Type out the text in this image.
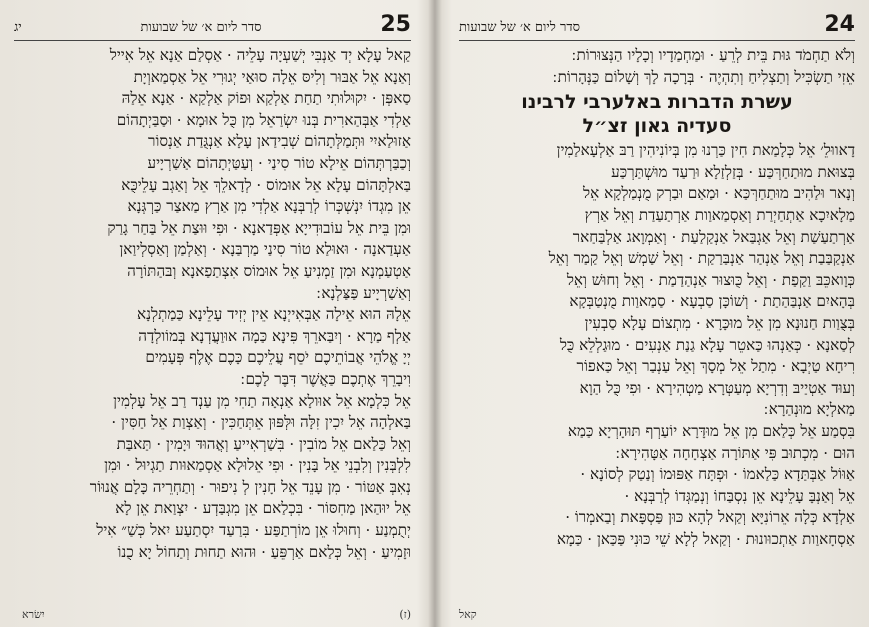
25
סדר ליום א׳ של שבועות
יג

קַאל עָלָא יְד אַנְבִּי יְשַׁעְיָה עָלֵיה · אַסְלַם אַנָא אֵל אִייל

וְאַנָא אֵל אַבּוּר וְלִיסּ אֵלָה סוּאַי יְגוּרִי אֵל אַסְמַאוְיָת

סַאפְּן · יִקוּלוּתִי תַחַת אַלְקַא וּפוֹק אַלְקַא · אַנָא אֵלַהּ

אַלְדִי אַבְּהַארִית בְּנוּ יִשְׂרַאֵל מִן כֻּל אוּמָא · וּסַבַּיְתָהוֹם

אַזוּלַאיִי וּתְּמַלְּתָהוֹם שְׁבִידַאן עָלָא אַנְגֻּדַת אַנְסוֹר

וְכַבַּרְתְּהוֹם אֵילָא טוֹר סִינַי · וְעַטַּיְתָהוֹם אַשַׁרְיָיע

בַּאלְתָּהוֹם עָלָא אֵל אוּמוֹס · לְדָאלֵךְ אֵל וְאַגְב עָלֵיכֻּא

אֵן מִגְדוֹ יִנְשְׁכְּרוֹ לְרַבְּנָא אַלְדִי מִן אַרְץ מַאצַר כַּרְגְּנָא

וּמִן בֵּית אֵל עוֹבוּדִייָא אַפְּדַאנָא · וּפִי וּוּצַת אֵל בַּחַר גָרַק

אַעְדַאנָה · וּאוּלַא טוֹר סִינַי מַרְבַּנָא · וְאַלְמַן וְאַסְלְיוַאן

אַטְעַמְנָא וּמִן זַמְנִיעַ אֵל אוּמוֹס אִצְתַפַאנָא וְבּהַתּוֹרָה

וְאַשַׁרְיָיע פַּצַּלְנָא ׃

אֵלָהּ הוּא אֵילָה אַבְּאִייְנָא אֵין יְזִיד עָלֵינָא כַּמַתְלְנָא

אַלְף מַרָא · וְיִבַּארֵךְ פִּינָא כַּמָה אוּוַעֲדְנָא בְּמוֹולְדָה

יְיָ אֱלֹהֵי אֲבוֹתֵיכֶם יֹסֵף עֲלֵיכֶם כָּכֶם אֶלֶף פְּעָמִים

וִיבָרֵךְ אֶתְכֶם כַּאֲשֶׁר דִּבֶּר לָכֶם ׃

אֵל כִּלְמָא אֵל אוּולָא אַנְאָה תַחִי מִן עַנְד רַב אֵל עָלְמִין

בַּאלְהָה אֵל יִכִין זִלָּה וּלְּפּוּן אֵתְּחַכִּין · וְאַצְוַת אֵל חַסִּין ·

וְאֵל כַּלַאם אֵל מוֹבִין · בִּשַׁרְאִייעַ וְאֲהוּדּ וּיָמִין · תַּאבַּת

לִלְבְּנִין וְלִבְנֵי אֵל בָּנִין · וּפִי אֵלוּלָא אַסְמַאוּות תַגְיוּל · וּמִן

נְאִבְּ אַטּוֹר · מִן עָנֵד אֵל חָנִין לְ נִיפוּר · וְתַחְרֵיה כָּלָם אֲנוּוֹר

אֵל יוּהַאן מַחִסּוֹר · בִּכְלַאם אֵן מִגְבַּדְע · יִצְוַאת אֵן לָא

יְתֻמְנַע · וְחוּלוּ אֵן מוֹרְתַפַּע · בִּרַעַד יִסְתַעַע יִאל כְּשַׁ״ אִיל

וּזָמִיעַ · וְאֵל כְּלַאם אַרְפֵּעַ · וּהוּא תַחוּת וְתַחוֹל יָא כֻנוֹ

(ז)
יִשׂרא
24
סדר ליום א׳ של שבועות

וְלֹא תַחְמֹד גּוּת בֵּית לְרֵעַ · וּמַחְמַדָיו וְכָלָיו הַנְּצוּרוֹת ׃

אֵזִי תַשְׂכִּיל וְתַצְלִיחַ וְתִהְיֶה · בְּרָכָה לָךְ וְשָׁלוֹם כַּנְּהָרוֹת ׃

עשרת הדברות באלערבי לרבינו
סעדיה גאון זצ״ל

דָאווּלֵ׳ אֵל כְּלָמַאת חִין כַּרְנוּ מִן בְּיוֹנִיהִין רַבּ אַלְעָאלַמִין

בְּצוּאת מוּתַחַרְּכַּע · בְּזַלְזַלָא וּרַעַד מוּשְׁתַּרְכַּע

וְנָאר וּלַהִיב מוּתַחַרְּכַּא · וּמַאַם וּבַרְק מֻנְמַלְקָא אֵל

מַלָאיִכָא אַתְחַיְרַת וְאַסְמַאוַות אַרְתַעַדַת וְאֵל אַרְץ

אַרְתַעַשַׁת וְאֵל אַגְבַּאל אַנְקַלַעַת · וְאַמְוָאג אַלְבַּחַאר

אַנְקַבַּבַת וְאֵל אַנְהַר אַנְבַּרַקַת · וְאֵל שַׁמְשׁ וְאֵל קַמַר וְאֵל

כְּוָואכֵּבּ וַקַפַת · וְאֵל כֻּוּצוּר אַנְהַדַמַת · וְאֵל וְחוּשׁ וְאֵל

בְּהָאיִם אַנְבַּהַתַת · וְשׁוֹכָּן סַבְעָא · סַמַאוַות מֻנְטַבְּקָא

בְּצֻוַות חַנוּנָא מִן אֵל מוּכָּרָא · מִתְצוֹם עָלָא סַבְעִין

לְסַאנָא · כְּאַנְהוּ כַּאטֵר עָלָא גַנַת אַנְעִים · מוּגַלְלֵא כֻּל

רִיחָא טַיְבָא · מִתַל אֵל מְסָךְ וְאֵל עַנְבַר וְאֵל כַּאפוֹר

וְעוּד אַטְיַיבּ וְדִרְיָא מְעַטְּרָא מַטְהִירָא · וּפִי כֻּל הַוָא

מַאלְיָא מוּנְהַרָא ׃

בִּסְמַע אֵל כְּלַאם מִן אֵל מוּדָּרָא יוֹעַרְף תּוּהָרְיָא כַּמַא

הוּם · מִכְתוּב פִּי אַתּוֹרָה אַצְחָחָה אַטָּהִירָא ׃

אַוּוֹל אַבְּתַּדָא כַּלַאמוֹ · וּפְתָּח אַפּוּמוֹ וְנַטַק לְסוֹנָא ·

אֵל וְאַנְבָּ עָלֵינָא אֵן נִסְבַּחוֹ וְנְמַגְּדוֹ לְרַבְּנָא ·

אַלְדָא כְּלָה אֵרוֹנִיָּא וְקַאל לְהָא כּוּן פַּסְפָּאת וְבַאמְרוֹ ·

אַסְחָאוַות אַתְכוּונוּת · וְקַאל לְלָא שֵׁי כּוּנִי פַּכַּאן · כַּמָא

קאל
